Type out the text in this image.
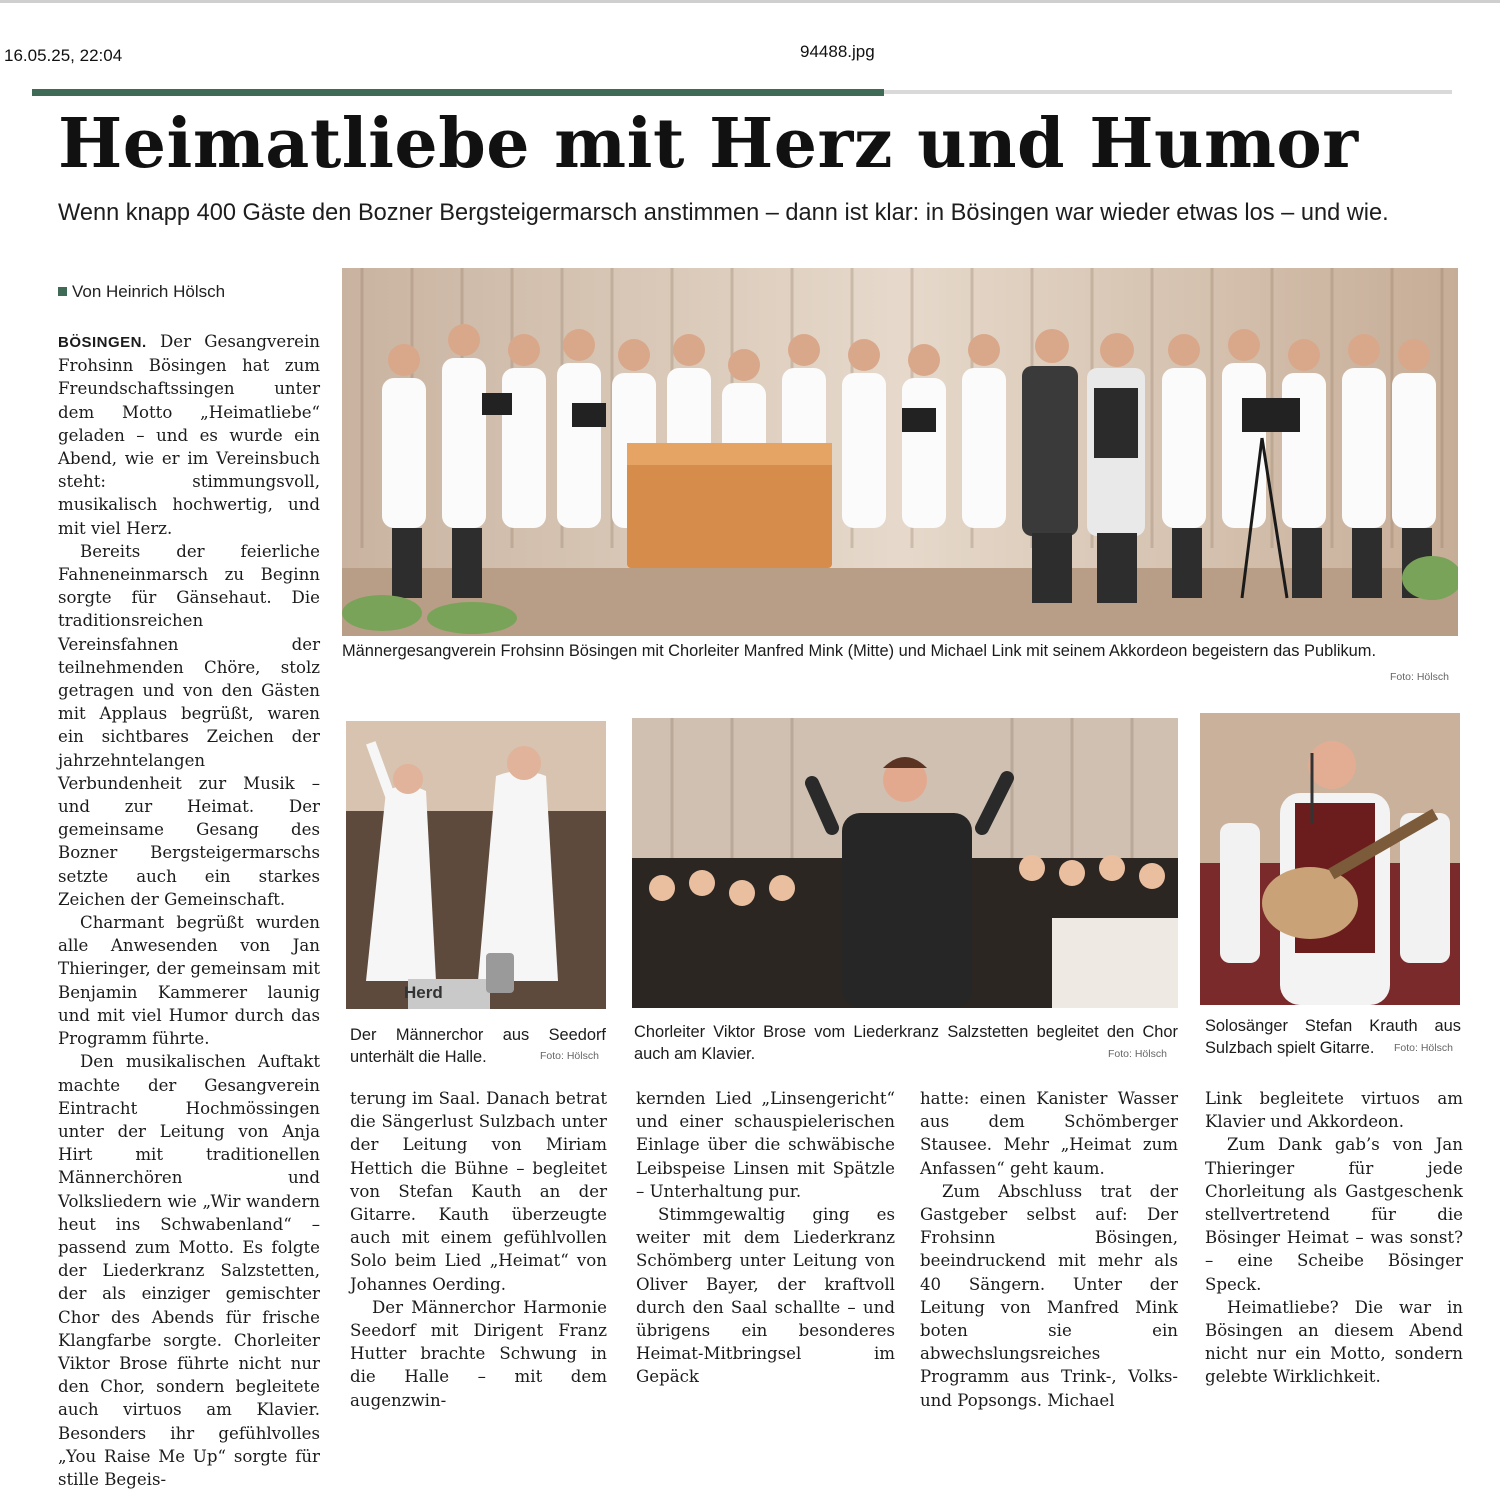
16.05.25, 22:04	94488.jpg
Heimatliebe mit Herz und Humor

Wenn knapp 400 Gäste den Bozner Bergsteigermarsch anstimmen – dann ist klar: in Bösingen war wieder etwas los – und wie.

Von Heinrich Hölsch

BÖSINGEN. Der Gesangverein Frohsinn Bösingen hat zum Freundschaftssingen unter dem Motto „Heimatliebe“ geladen – und es wurde ein Abend, wie er im Vereinsbuch steht: stimmungsvoll, musikalisch hochwertig, und mit viel Herz.

Bereits der feierliche Fahneneinmarsch zu Beginn sorgte für Gänsehaut. Die traditionsreichen Vereinsfahnen der teilnehmenden Chöre, stolz getragen und von den Gästen mit Applaus begrüßt, waren ein sichtbares Zeichen der jahrzehntelangen Verbundenheit zur Musik – und zur Heimat. Der gemeinsame Gesang des Bozner Bergsteigermarschs setzte auch ein starkes Zeichen der Gemeinschaft.

Charmant begrüßt wurden alle Anwesenden von Jan Thieringer, der gemeinsam mit Benjamin Kammerer launig und mit viel Humor durch das Programm führte.

Den musikalischen Auftakt machte der Gesangverein Eintracht Hochmössingen unter der Leitung von Anja Hirt mit traditionellen Männerchören und Volksliedern wie „Wir wandern heut ins Schwabenland“ – passend zum Motto. Es folgte der Liederkranz Salzstetten, der als einziger gemischter Chor des Abends für frische Klangfarbe sorgte. Chorleiter Viktor Brose führte nicht nur den Chor, sondern begleitete auch virtuos am Klavier. Besonders ihr gefühlvolles „You Raise Me Up“ sorgte für stille Begeis-

Männergesangverein Frohsinn Bösingen mit Chorleiter Manfred Mink (Mitte) und Michael Link mit seinem Akkordeon begeistern das Publikum.

Foto: Hölsch
Herd

Der Männerchor aus Seedorf unterhält die Halle.	Foto: Hölsch

Chorleiter Viktor Brose vom Liederkranz Salzstetten begleitet den Chor auch am Klavier.	Foto: Hölsch

Solosänger Stefan Krauth aus Sulzbach spielt Gitarre.	Foto: Hölsch

terung im Saal. Danach betrat die Sängerlust Sulzbach unter der Leitung von Miriam Hettich die Bühne – begleitet von Stefan Kauth an der Gitarre. Kauth überzeugte auch mit einem gefühlvollen Solo beim Lied „Heimat“ von Johannes Oerding.

Der Männerchor Harmonie Seedorf mit Dirigent Franz Hutter brachte Schwung in die Halle – mit dem augenzwin-

kernden Lied „Linsengericht“ und einer schauspielerischen Einlage über die schwäbische Leibspeise Linsen mit Spätzle – Unterhaltung pur.

Stimmgewaltig ging es weiter mit dem Liederkranz Schömberg unter Leitung von Oliver Bayer, der kraftvoll durch den Saal schallte – und übrigens ein besonderes Heimat-Mitbringsel im Gepäck

hatte: einen Kanister Wasser aus dem Schömberger Stausee. Mehr „Heimat zum Anfassen“ geht kaum.

Zum Abschluss trat der Gastgeber selbst auf: Der Frohsinn Bösingen, beeindruckend mit mehr als 40 Sängern. Unter der Leitung von Manfred Mink boten sie ein abwechslungsreiches Programm aus Trink-, Volks- und Popsongs. Michael

Link begleitete virtuos am Klavier und Akkordeon.

Zum Dank gab’s von Jan Thieringer für jede Chorleitung als Gastgeschenk stellvertretend für die Bösinger Heimat – was sonst? – eine Scheibe Bösinger Speck.

Heimatliebe? Die war in Bösingen an diesem Abend nicht nur ein Motto, sondern gelebte Wirklichkeit.
